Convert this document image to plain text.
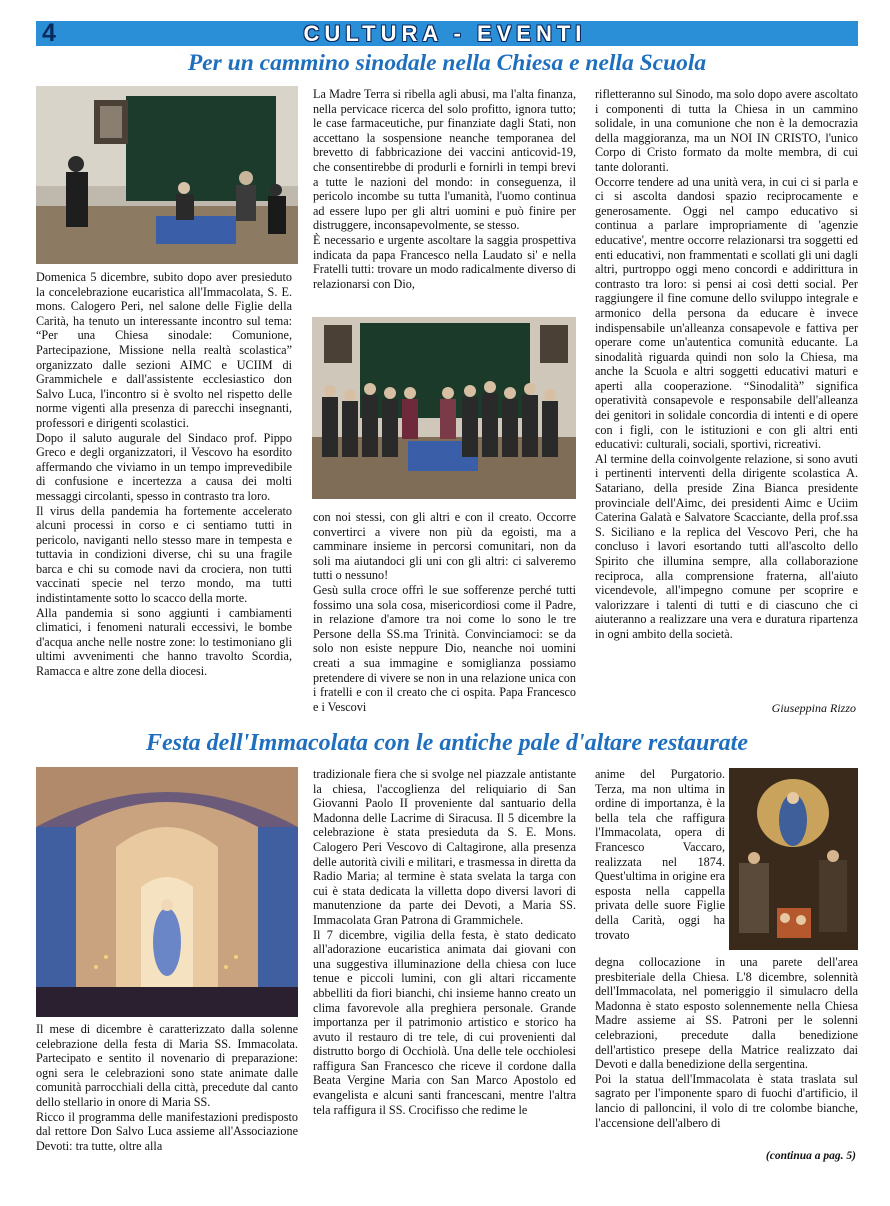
4	CULTURA - EVENTI
Per un cammino sinodale nella Chiesa e nella Scuola

Domenica 5 dicembre, subito dopo aver presieduto la concelebrazione eucaristica all'Immacolata, S. E. mons. Calogero Peri, nel salone delle Figlie della Carità, ha tenuto un interessante incontro sul tema: “Per una Chiesa sinodale: Comunione, Partecipazione, Missione nella realtà scolastica” organizzato dalle sezioni AIMC e UCIIM di Grammichele e dall'assistente ecclesiastico don Salvo Luca, l'incontro si è svolto nel rispetto delle norme vigenti alla presenza di parecchi insegnanti, professori e dirigenti scolastici.
Dopo il saluto augurale del Sindaco prof. Pippo Greco e degli organizzatori, il Vescovo ha esordito affermando che viviamo in un tempo imprevedibile di confusione e incertezza a causa dei molti messaggi circolanti, spesso in contrasto tra loro.
Il virus della pandemia ha fortemente accelerato alcuni processi in corso e ci sentiamo tutti in pericolo, naviganti nello stesso mare in tempesta e tuttavia in condizioni diverse, chi su una fragile barca e chi su comode navi da crociera, non tutti vaccinati specie nel terzo mondo, ma tutti indistintamente sotto lo scacco della morte.
Alla pandemia si sono aggiunti i cambiamenti climatici, i fenomeni naturali eccessivi, le bombe d'acqua anche nelle nostre zone: lo testimoniano gli ultimi avvenimenti che hanno travolto Scordia, Ramacca e altre zone della diocesi.

La Madre Terra si ribella agli abusi, ma l'alta finanza, nella pervicace ricerca del solo profitto, ignora tutto; le case farmaceutiche, pur finanziate dagli Stati, non accettano la sospensione neanche temporanea del brevetto di fabbricazione dei vaccini anticovid-19, che consentirebbe di produrli e fornirli in tempi brevi a tutte le nazioni del mondo: in conseguenza, il pericolo incombe su tutta l'umanità, l'uomo continua ad essere lupo per gli altri uomini e può finire per distruggere, inconsapevolmente, se stesso.
È necessario e urgente ascoltare la saggia prospettiva indicata da papa Francesco nella Laudato si' e nella Fratelli tutti: trovare un modo radicalmente diverso di relazionarsi con Dio,

con noi stessi, con gli altri e con il creato. Occorre convertirci a vivere non più da egoisti, ma a camminare insieme in percorsi comunitari, non da soli ma aiutandoci gli uni con gli altri: ci salveremo tutti o nessuno!
Gesù sulla croce offrì le sue sofferenze perché tutti fossimo una sola cosa, misericordiosi come il Padre, in relazione d'amore tra noi come lo sono le tre Persone della SS.ma Trinità. Convinciamoci: se da solo non esiste neppure Dio, neanche noi uomini creati a sua immagine e somiglianza possiamo pretendere di vivere se non in una relazione unica con i fratelli e con il creato che ci ospita. Papa Francesco e i Vescovi

rifletteranno sul Sinodo, ma solo dopo avere ascoltato i componenti di tutta la Chiesa in un cammino solidale, in una comunione che non è la democrazia della maggioranza, ma un NOI IN CRISTO, l'unico Corpo di Cristo formato da molte membra, di cui tante doloranti.
Occorre tendere ad una unità vera, in cui ci si parla e ci si ascolta dandosi spazio reciprocamente e generosamente. Oggi nel campo educativo si continua a parlare impropriamente di 'agenzie educative', mentre occorre relazionarsi tra soggetti ed enti educativi, non frammentati e scollati gli uni dagli altri, purtroppo oggi meno concordi e addirittura in contrasto tra loro: si pensi ai così detti social. Per raggiungere il fine comune dello sviluppo integrale e armonico della persona da educare è invece indispensabile un'alleanza consapevole e fattiva per operare come un'autentica comunità educante. La sinodalità riguarda quindi non solo la Chiesa, ma anche la Scuola e altri soggetti educativi maturi e aperti alla cooperazione. “Sinodalità” significa operatività consapevole e responsabile dell'alleanza dei genitori in solidale concordia di intenti e di opere con i figli, con le istituzioni e con gli altri enti educativi: culturali, sociali, sportivi, ricreativi.
Al termine della coinvolgente relazione, si sono avuti i pertinenti interventi della dirigente scolastica A. Satariano, della preside Zina Bianca presidente provinciale dell'Aimc, dei presidenti Aimc e Uciim Caterina Galatà e Salvatore Scacciante, della prof.ssa S. Siciliano e la replica del Vescovo Peri, che ha concluso i lavori esortando tutti all'ascolto dello Spirito che illumina sempre, alla collaborazione reciproca, alla comprensione fraterna, all'aiuto vicendevole, all'impegno comune per scoprire e valorizzare i talenti di tutti e di ciascuno che ci aiuteranno a realizzare una vera e duratura ripartenza in ogni ambito della società.

Giuseppina Rizzo
Festa dell'Immacolata con le antiche pale d'altare restaurate

Il mese di dicembre è caratterizzato dalla solenne celebrazione della festa di Maria SS. Immacolata. Partecipato e sentito il novenario di preparazione: ogni sera le celebrazioni sono state animate dalle comunità parrocchiali della città, precedute dal canto dello stellario in onore di Maria SS.
Ricco il programma delle manifestazioni predisposto dal rettore Don Salvo Luca assieme all'Associazione Devoti: tra tutte, oltre alla

tradizionale fiera che si svolge nel piazzale antistante la chiesa, l'accoglienza del reliquiario di San Giovanni Paolo II proveniente dal santuario della Madonna delle Lacrime di Siracusa. Il 5 dicembre la celebrazione è stata presieduta da S. E. Mons. Calogero Peri Vescovo di Caltagirone, alla presenza delle autorità civili e militari, e trasmessa in diretta da Radio Maria; al termine è stata svelata la targa con cui è stata dedicata la villetta dopo diversi lavori di manutenzione da parte dei Devoti, a Maria SS. Immacolata Gran Patrona di Grammichele.
Il 7 dicembre, vigilia della festa, è stato dedicato all'adorazione eucaristica animata dai giovani con una suggestiva illuminazione della chiesa con luce tenue e piccoli lumini, con gli altari riccamente abbelliti da fiori bianchi, chi insieme hanno creato un clima favorevole alla preghiera personale. Grande importanza per il patrimonio artistico e storico ha avuto il restauro di tre tele, di cui provenienti dal distrutto borgo di Occhiolà. Una delle tele occhiolesi raffigura San Francesco che riceve il cordone dalla Beata Vergine Maria con San Marco Apostolo ed evangelista e alcuni santi francescani, mentre l'altra tela raffigura il SS. Crocifisso che redime le

anime del Purgatorio. Terza, ma non ultima in ordine di importanza, è la bella tela che raffigura l'Immacolata, opera di Francesco Vaccaro, realizzata nel 1874. Quest'ultima in origine era esposta nella cappella privata delle suore Figlie della Carità, oggi ha trovato

degna collocazione in una parete dell'area presbiteriale della Chiesa. L'8 dicembre, solennità dell'Immacolata, nel pomeriggio il simulacro della Madonna è stato esposto solennemente nella Chiesa Madre assieme ai SS. Patroni per le solenni celebrazioni, precedute dalla benedizione dell'artistico presepe della Matrice realizzato dai Devoti e dalla benedizione della sergentina.
Poi la statua dell'Immacolata è stata traslata sul sagrato per l'imponente sparo di fuochi d'artificio, il lancio di palloncini, il volo di tre colombe bianche, l'accensione dell'albero di

(continua a pag. 5)
